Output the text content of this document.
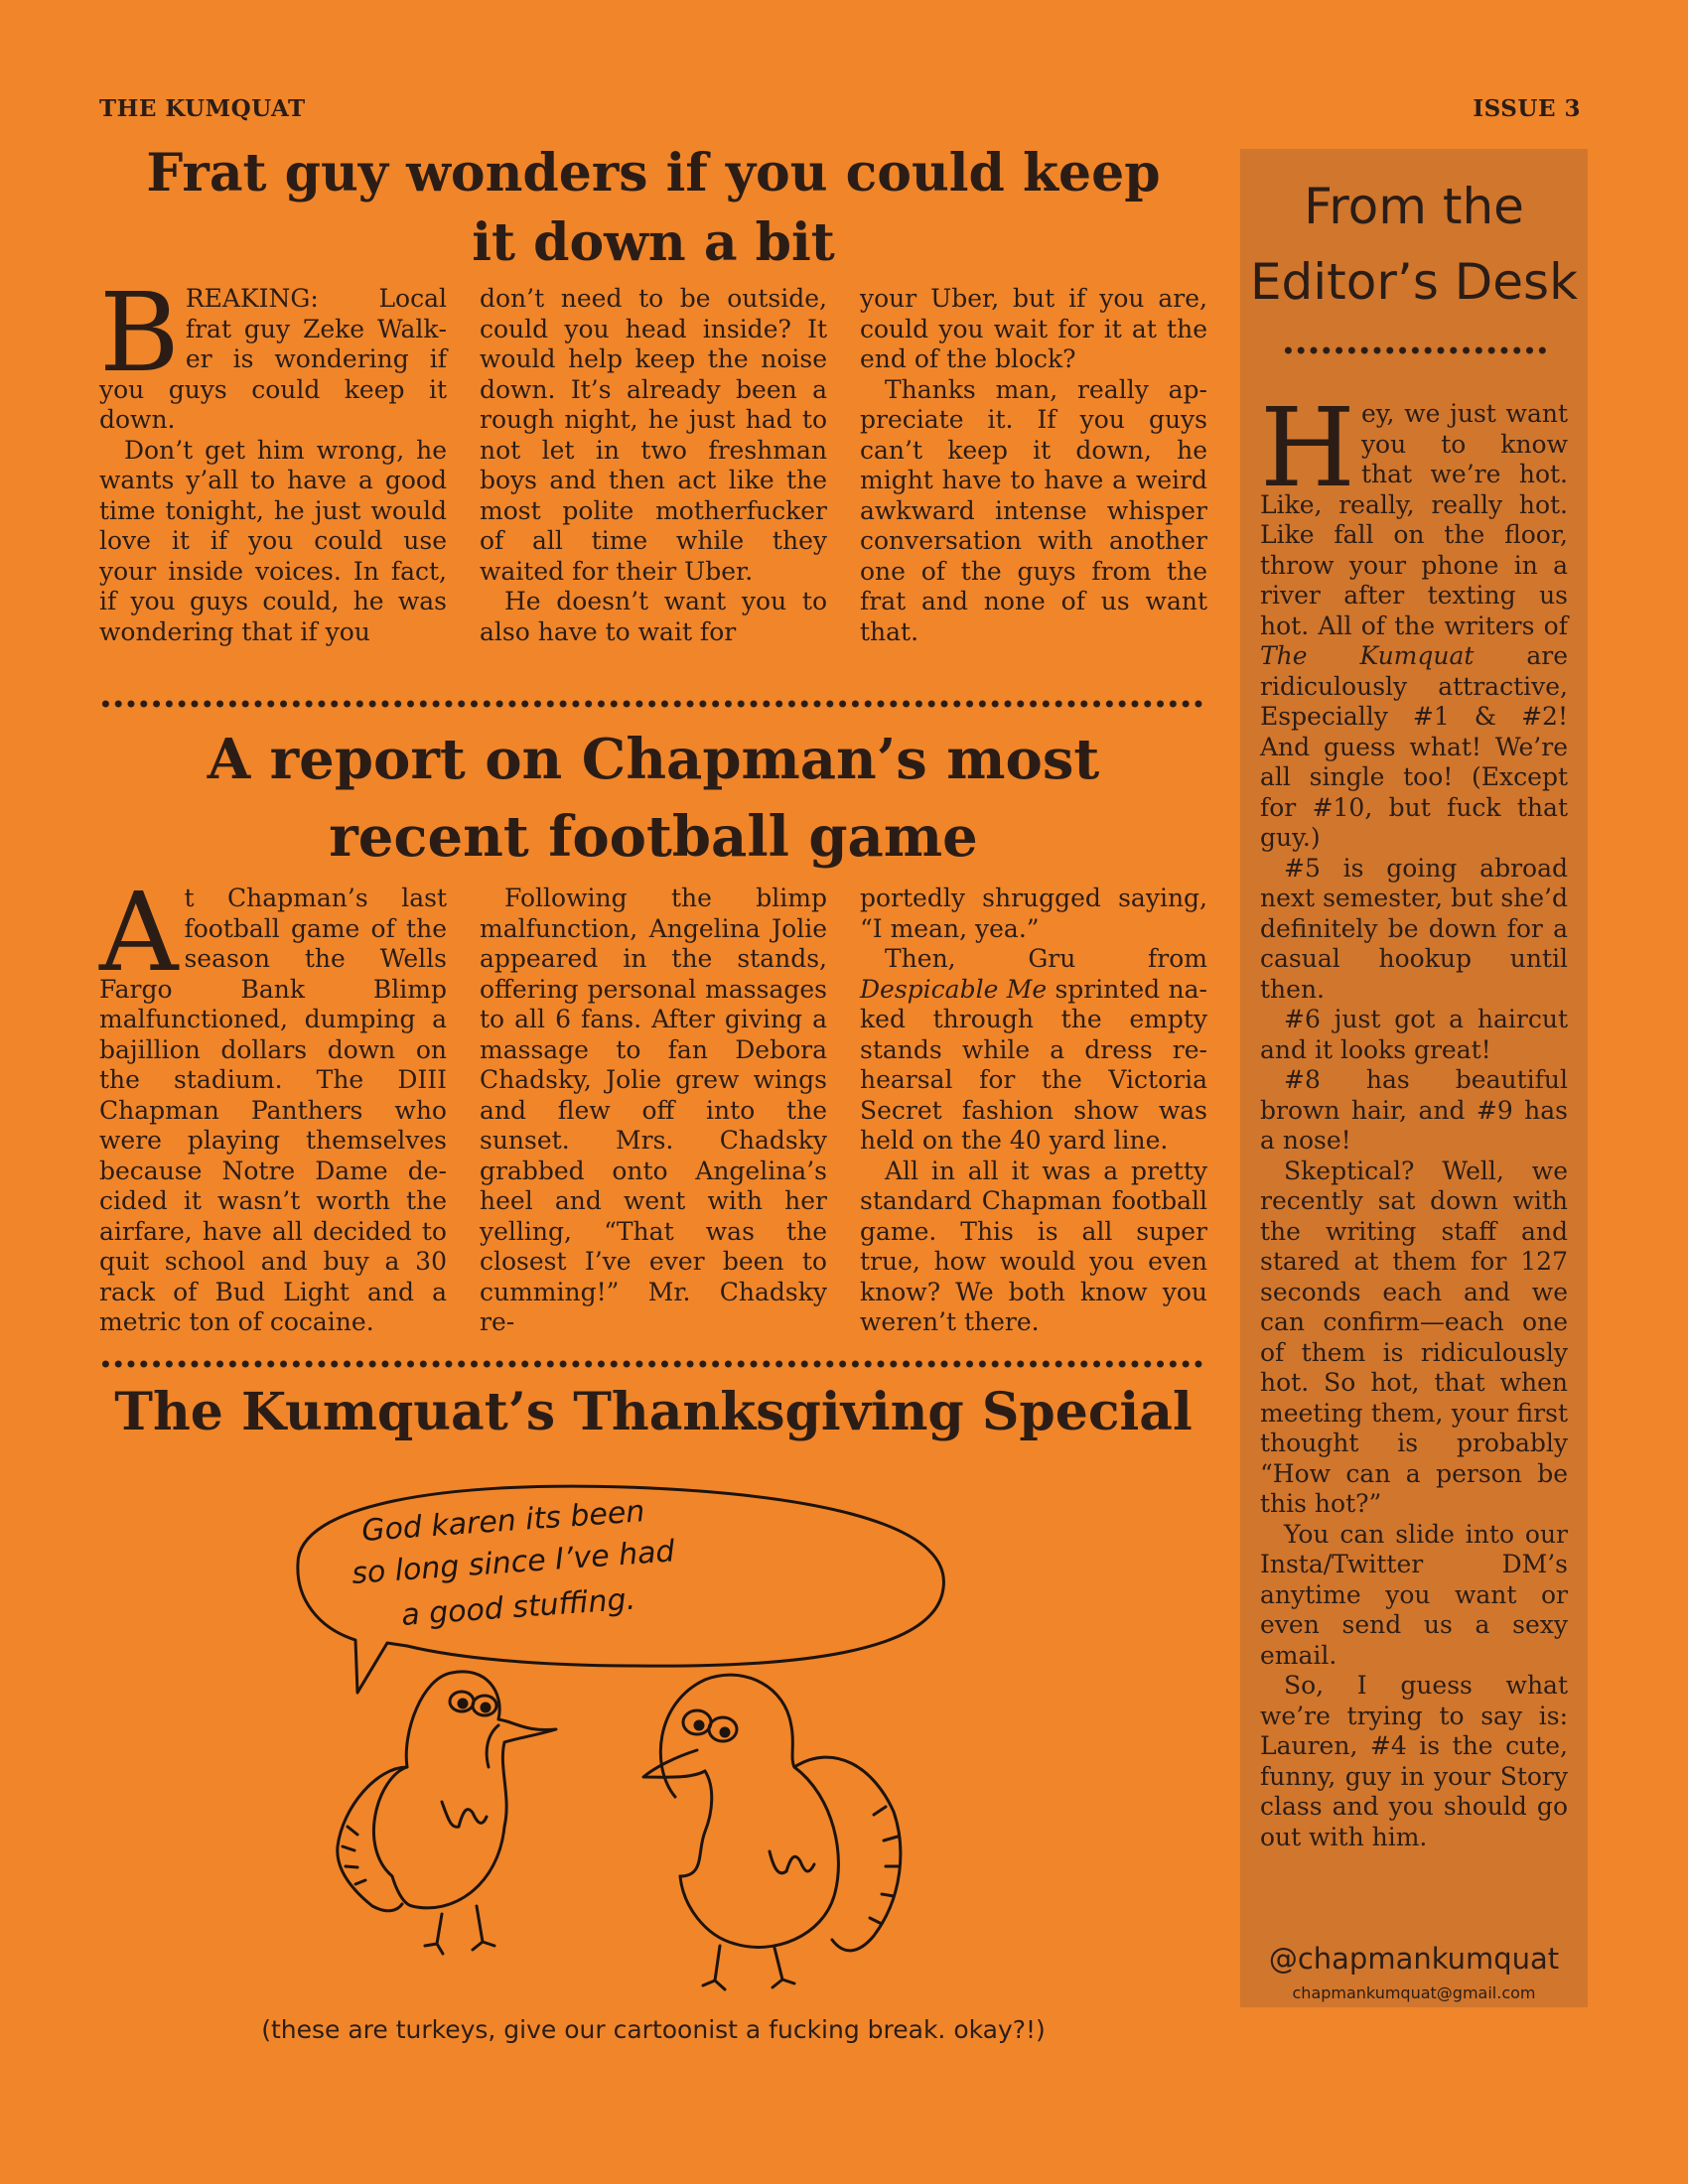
THE KUMQUAT	ISSUE 3
Frat guy wonders if you could keep
it down a bit
B REAKING: Local frat guy Zeke Walker is wondering if you guys could keep it down.

Don’t get him wrong, he wants y’all to have a good time tonight, he just would love it if you could use your inside voices. In fact, if you guys could, he was wondering that if you

don’t need to be outside, could you head inside? It would help keep the noise down. It’s already been a rough night, he just had to not let in two freshman boys and then act like the most polite motherfucker of all time while they waited for their Uber.

He doesn’t want you to also have to wait for

your Uber, but if you are, could you wait for it at the end of the block?

Thanks man, really appreciate it. If you guys can’t keep it down, he might have to have a weird awkward intense whisper conversation with another one of the guys from the frat and none of us want that.

A report on Chapman’s most
recent football game
A t Chapman’s last football game of the season the Wells Fargo Bank Blimp malfunctioned, dumping a bajillion dollars down on the stadium. The DIII Chapman Panthers who were playing themselves because Notre Dame decided it wasn’t worth the airfare, have all decided to quit school and buy a 30 rack of Bud Light and a metric ton of cocaine.

Following the blimp malfunction, Angelina Jolie appeared in the stands, offering personal massages to all 6 fans. After giving a massage to fan Debora Chadsky, Jolie grew wings and flew off into the sunset. Mrs. Chadsky grabbed onto Angelina’s heel and went with her yelling, “That was the closest I’ve ever been to cumming!” Mr. Chadsky re-

portedly shrugged saying, “I mean, yea.”

Then, Gru from Despicable Me sprinted naked through the empty stands while a dress rehearsal for the Victoria Secret fashion show was held on the 40 yard line.

All in all it was a pretty standard Chapman football game. This is all super true, how would you even know? We both know you weren’t there.

The Kumquat’s Thanksgiving Special
God karen its been
so long since I’ve had
a good stuffing.
(these are turkeys, give our cartoonist a fucking break. okay?!)
From the
Editor’s Desk
H ey, we just want you to know that we’re hot. Like, really, really hot. Like fall on the floor, throw your phone in a river after texting us hot. All of the writers of The Kumquat are ridiculously attractive, Especially #1 & #2! And guess what! We’re all single too! (Except for #10, but fuck that guy.)

#5 is going abroad next semester, but she’d definitely be down for a casual hookup until then.

#6 just got a haircut and it looks great!

#8 has beautiful brown hair, and #9 has a nose!

Skeptical? Well, we recently sat down with the writing staff and stared at them for 127 seconds each and we can confirm—each one of them is ridiculously hot. So hot, that when meeting them, your first thought is probably “How can a person be this hot?”

You can slide into our Insta/Twitter DM’s anytime you want or even send us a sexy email.

So, I guess what we’re trying to say is: Lauren, #4 is the cute, funny, guy in your Story class and you should go out with him.

@chapmankumquat
chapmankumquat@gmail.com
